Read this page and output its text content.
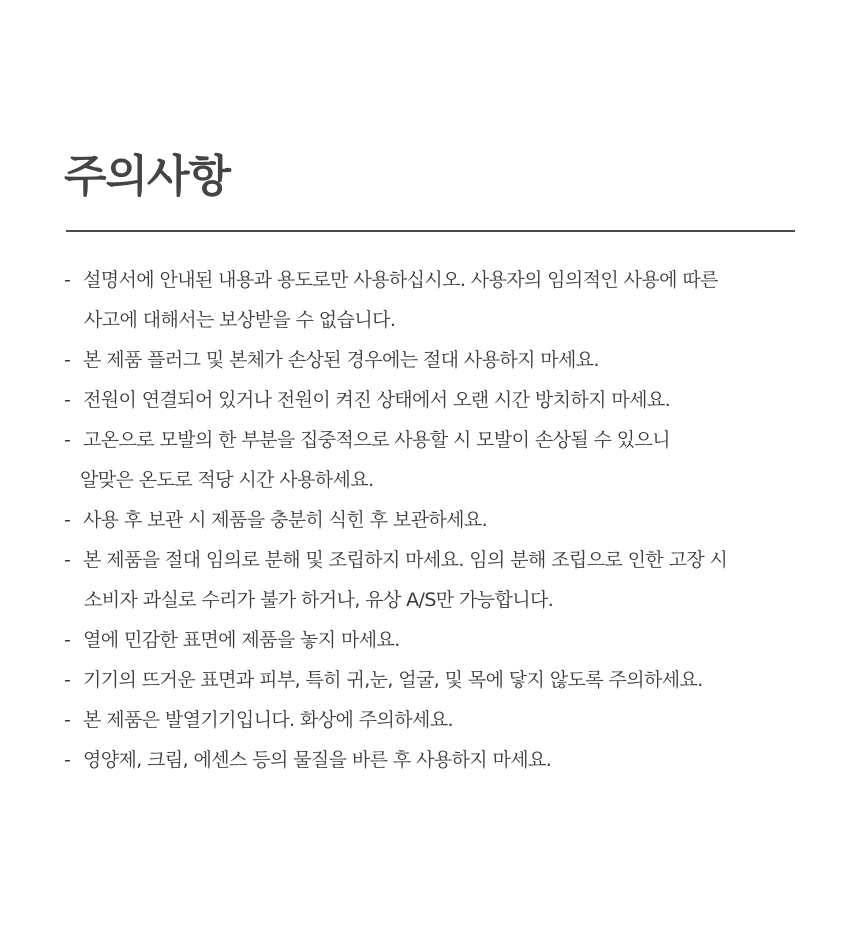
주의사항
- 설명서에 안내된 내용과 용도로만 사용하십시오. 사용자의 임의적인 사용에 따른
사고에 대해서는 보상받을 수 없습니다.
- 본 제품 플러그 및 본체가 손상된 경우에는 절대 사용하지 마세요.
- 전원이 연결되어 있거나 전원이 켜진 상태에서 오랜 시간 방치하지 마세요.
- 고온으로 모발의 한 부분을 집중적으로 사용할 시 모발이 손상될 수 있으니
알맞은 온도로 적당 시간 사용하세요.
- 사용 후 보관 시 제품을 충분히 식힌 후 보관하세요.
- 본 제품을 절대 임의로 분해 및 조립하지 마세요. 임의 분해 조립으로 인한 고장 시
소비자 과실로 수리가 불가 하거나, 유상 A/S만 가능합니다.
- 열에 민감한 표면에 제품을 놓지 마세요.
- 기기의 뜨거운 표면과 피부, 특히 귀,눈, 얼굴, 및 목에 닿지 않도록 주의하세요.
- 본 제품은 발열기기입니다. 화상에 주의하세요.
- 영양제, 크림, 에센스 등의 물질을 바른 후 사용하지 마세요.
